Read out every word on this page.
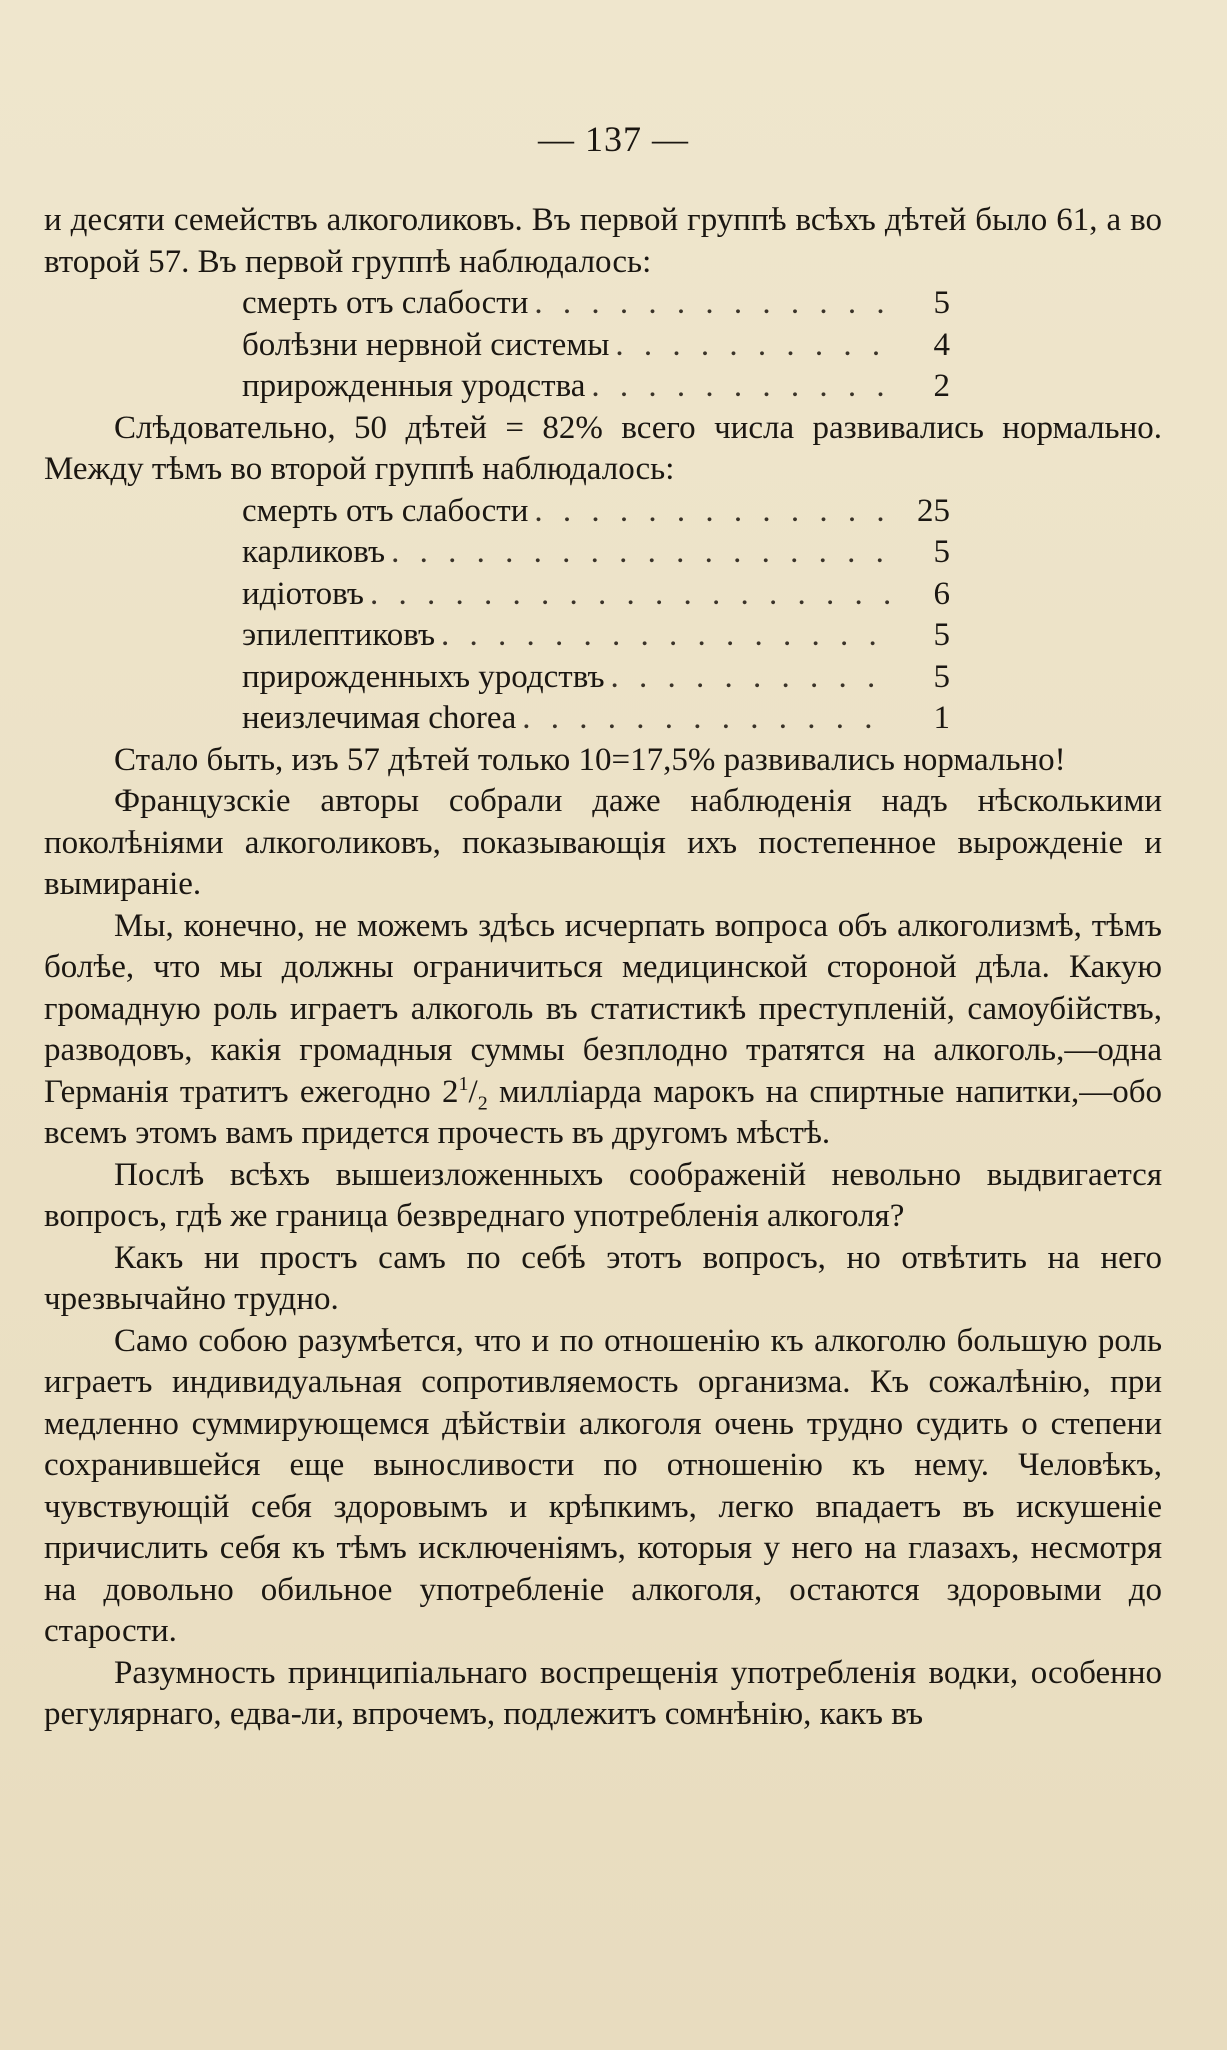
— 137 —

и десяти семействъ алкоголиковъ. Въ первой группѣ всѣхъ дѣтей было 61, а во второй 57. Въ первой группѣ наблюдалось:

смерть отъ слабости . . .	5
болѣзни нервной системы . . .	4
прирожденныя уродства . . .	2

Слѣдовательно, 50 дѣтей = 82% всего числа развивались нормально. Между тѣмъ во второй группѣ наблюдалось:

смерть отъ слабости . . .	25
карликовъ . . .	5
идіотовъ . . .	6
эпилептиковъ . . .	5
прирожденныхъ уродствъ . . .	5
неизлечимая chorea . . .	1

Стало быть, изъ 57 дѣтей только 10=17,5% развивались нормально!

Французскіе авторы собрали даже наблюденія надъ нѣсколькими поколѣніями алкоголиковъ, показывающія ихъ постепенное вырожденіе и вымираніе.

Мы, конечно, не можемъ здѣсь исчерпать вопроса объ алкоголизмѣ, тѣмъ болѣе, что мы должны ограничиться медицинской стороной дѣла. Какую громадную роль играетъ алкоголь въ статистикѣ преступленій, самоубійствъ, разводовъ, какія громадныя суммы безплодно тратятся на алкоголь,—одна Германія тратитъ ежегодно $2^1/_2$ милліарда марокъ на спиртные напитки,—обо всемъ этомъ вамъ придется прочесть въ другомъ мѣстѣ.

Послѣ всѣхъ вышеизложенныхъ соображеній невольно выдвигается вопросъ, гдѣ же граница безвреднаго употребленія алкоголя?

Какъ ни простъ самъ по себѣ этотъ вопросъ, но отвѣтить на него чрезвычайно трудно.

Само собою разумѣется, что и по отношенію къ алкоголю большую роль играетъ индивидуальная сопротивляемость организма. Къ сожалѣнію, при медленно суммирующемся дѣйствіи алкоголя очень трудно судить о степени сохранившейся еще выносливости по отношенію къ нему. Человѣкъ, чувствующій себя здоровымъ и крѣпкимъ, легко впадаетъ въ искушеніе причислить себя къ тѣмъ исключеніямъ, которыя у него на глазахъ, несмотря на довольно обильное употребленіе алкоголя, остаются здоровыми до старости.

Разумность принципіальнаго воспрещенія употребленія водки, особенно регулярнаго, едва-ли, впрочемъ, подлежитъ сомнѣнію, какъ въ
